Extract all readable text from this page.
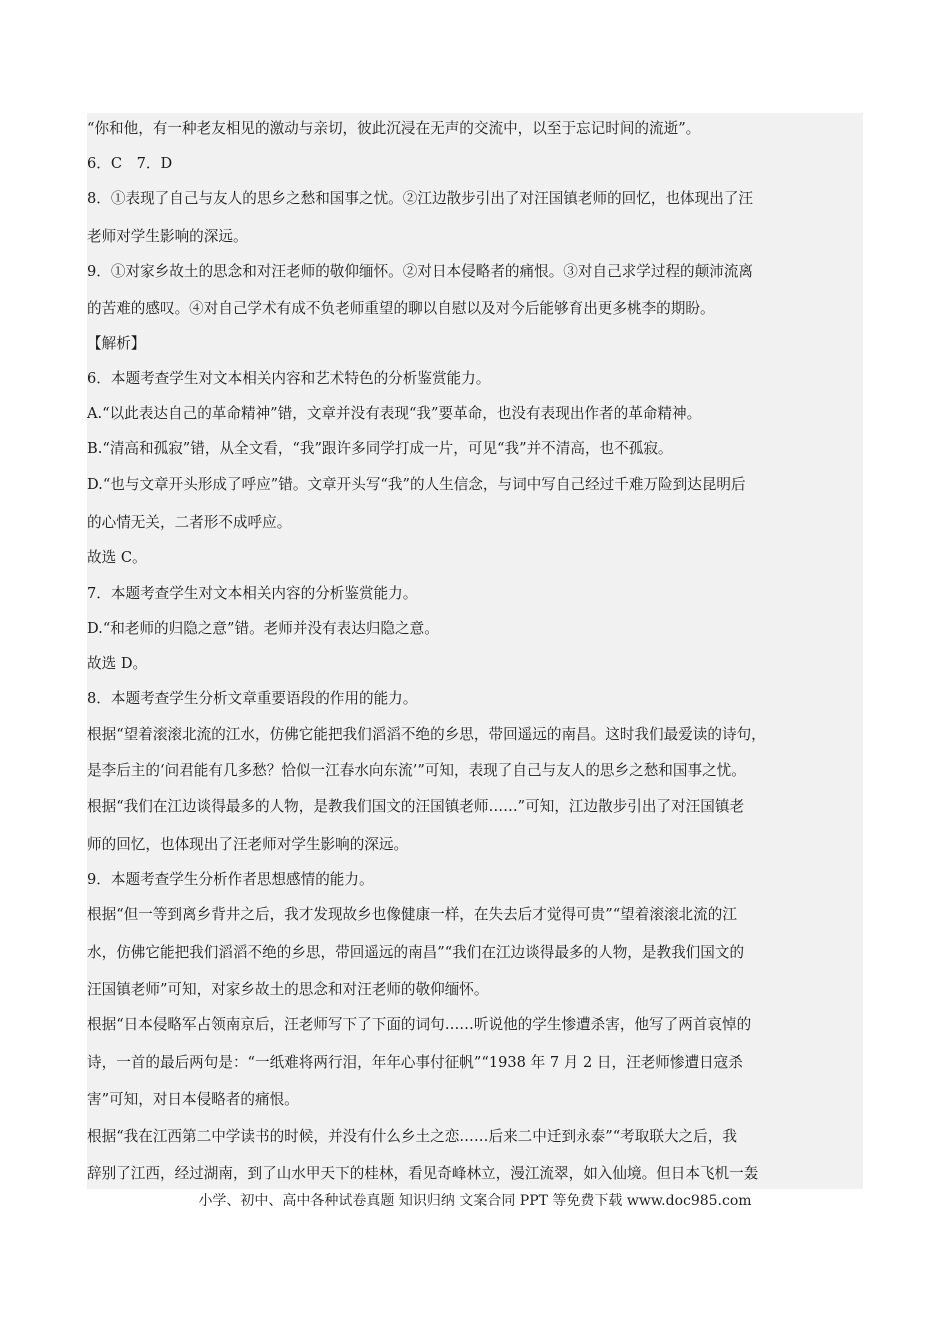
“你和他，有一种老友相见的激动与亲切，彼此沉浸在无声的交流中，以至于忘记时间的流逝”。
6．C　7．D
8．①表现了自己与友人的思乡之愁和国事之忧。②江边散步引出了对汪国镇老师的回忆，也体现出了汪
老师对学生影响的深远。
9．①对家乡故土的思念和对汪老师的敬仰缅怀。②对日本侵略者的痛恨。③对自己求学过程的颠沛流离
的苦难的感叹。④对自己学术有成不负老师重望的聊以自慰以及对今后能够育出更多桃李的期盼。
【解析】
6．本题考查学生对文本相关内容和艺术特色的分析鉴赏能力。
A.“以此表达自己的革命精神”错，文章并没有表现“我”要革命，也没有表现出作者的革命精神。
B.“清高和孤寂”错，从全文看，“我”跟许多同学打成一片，可见“我”并不清高，也不孤寂。
D.“也与文章开头形成了呼应”错。文章开头写“我”的人生信念，与词中写自己经过千难万险到达昆明后
的心情无关，二者形不成呼应。
故选 C。
7．本题考查学生对文本相关内容的分析鉴赏能力。
D.“和老师的归隐之意”错。老师并没有表达归隐之意。
故选 D。
8．本题考查学生分析文章重要语段的作用的能力。
根据“望着滚滚北流的江水，仿佛它能把我们滔滔不绝的乡思，带回遥远的南昌。这时我们最爱读的诗句，
是李后主的‘问君能有几多愁？恰似一江春水向东流’”可知，表现了自己与友人的思乡之愁和国事之忧。
根据“我们在江边谈得最多的人物，是教我们国文的汪国镇老师……”可知，江边散步引出了对汪国镇老
师的回忆，也体现出了汪老师对学生影响的深远。
9．本题考查学生分析作者思想感情的能力。
根据“但一等到离乡背井之后，我才发现故乡也像健康一样，在失去后才觉得可贵”“望着滚滚北流的江
水，仿佛它能把我们滔滔不绝的乡思，带回遥远的南昌”“我们在江边谈得最多的人物，是教我们国文的
汪国镇老师”可知，对家乡故土的思念和对汪老师的敬仰缅怀。
根据“日本侵略军占领南京后，汪老师写下了下面的词句……听说他的学生惨遭杀害，他写了两首哀悼的
诗，一首的最后两句是：“一纸难将两行泪，年年心事付征帆”“1938 年 7 月 2 日，汪老师惨遭日寇杀
害”可知，对日本侵略者的痛恨。
根据“我在江西第二中学读书的时候，并没有什么乡土之恋……后来二中迁到永泰”“考取联大之后，我
辞别了江西，经过湖南，到了山水甲天下的桂林，看见奇峰林立，漫江流翠，如入仙境。但日本飞机一轰
小学、初中、高中各种试卷真题 知识归纳 文案合同 PPT 等免费下载 www.doc985.com
